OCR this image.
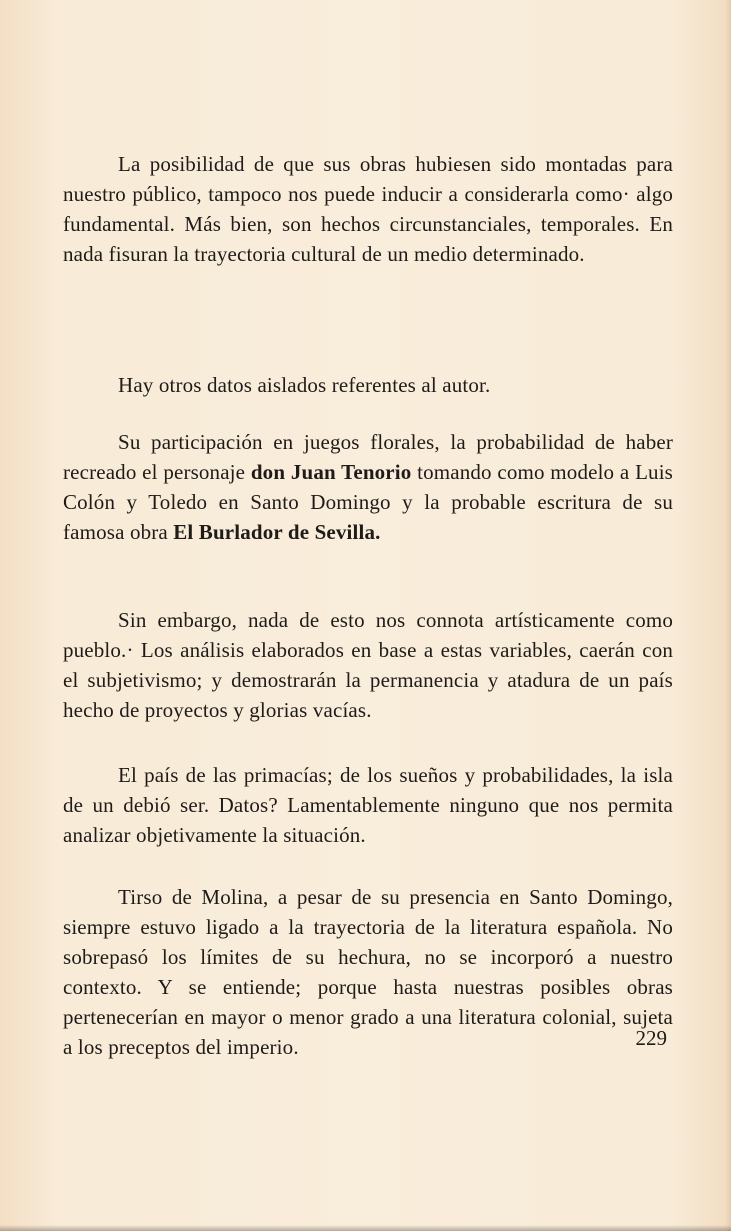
La posibilidad de que sus obras hubiesen sido montadas para nuestro público, tampoco nos puede inducir a considerarla como· algo fundamental. Más bien, son hechos circunstanciales, temporales. En nada fisuran la trayectoria cultural de un medio determinado.

Hay otros datos aislados referentes al autor.

Su participación en juegos florales, la probabilidad de haber recreado el personaje don Juan Tenorio tomando como modelo a Luis Colón y Toledo en Santo Domingo y la probable escritura de su famosa obra El Burlador de Sevilla.

Sin embargo, nada de esto nos connota artísticamente como pueblo.· Los análisis elaborados en base a estas variables, caerán con el subjetivismo; y demostrarán la permanencia y atadura de un país hecho de proyectos y glorias vacías.

El país de las primacías; de los sueños y probabilidades, la isla de un debió ser. Datos? Lamentablemente ninguno que nos permita analizar objetivamente la situación.

Tirso de Molina, a pesar de su presencia en Santo Domingo, siempre estuvo ligado a la trayectoria de la literatura española. No sobrepasó los límites de su hechura, no se incorporó a nuestro contexto. Y se entiende; porque hasta nuestras posibles obras pertenecerían en mayor o menor grado a una literatura colonial, sujeta a los preceptos del imperio.	229
